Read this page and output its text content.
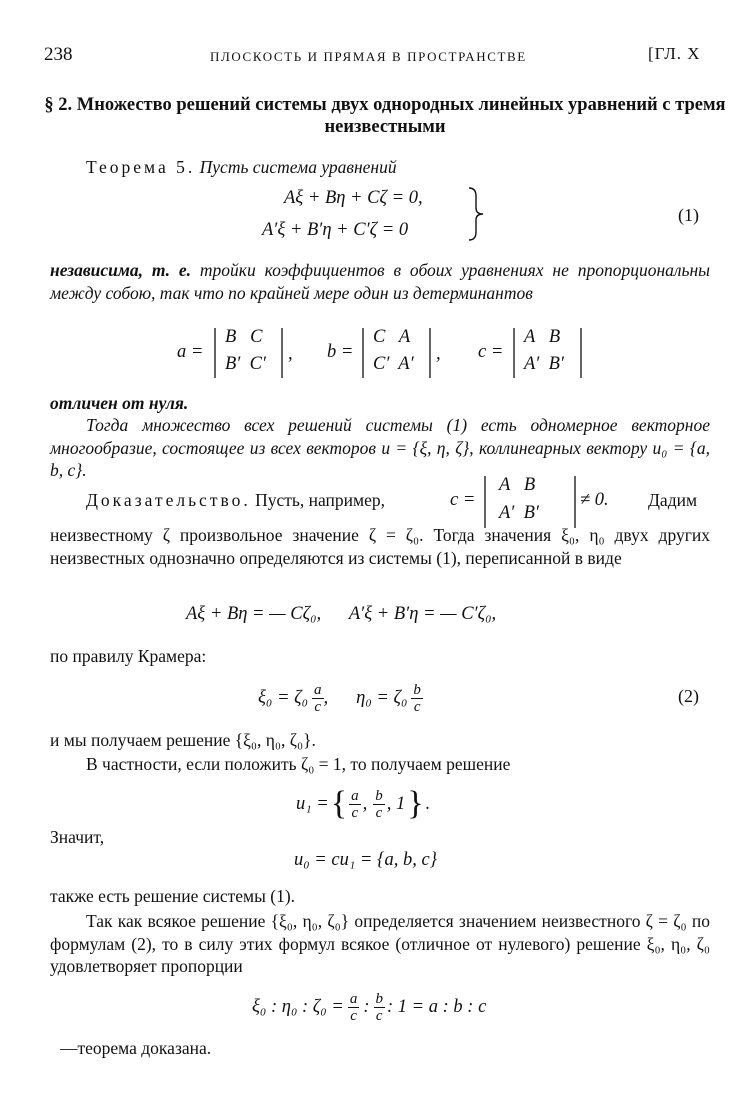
238	ПЛОСКОСТЬ И ПРЯМАЯ В ПРОСТРАНСТВЕ	[ГЛ. X
§ 2. Множество решений системы двух однородных линейных уравнений с тремя неизвестными
Теорема 5. Пусть система уравнений
Aξ + Bη + Cζ = 0,
A′ξ + B′η + C′ζ = 0
(1)
независима, т. е. тройки коэффициентов в обоих уравнениях не пропорциональны между собою, так что по крайней мере один из детерминантов
a =
B   C
B′  C′ , b =
C   A
C′  A′ , c =
A   B
A′  B′
отличен от нуля.
Тогда множество всех решений системы (1) есть одномерное векторное многообразие, состоящее из всех векторов u = {ξ, η, ζ}, коллинеарных вектору u₀ = {a, b, c}.
Доказательство. Пусть, например,	c =
A   B
A′  B′
≠ 0. Дадим
неизвестному ζ произвольное значение ζ = ζ₀. Тогда значения ξ₀, η₀ двух других неизвестных однозначно определяются из системы (1), переписанной в виде
Aξ + Bη = — Cζ₀,      A′ξ + B′η = — C′ζ₀,
по правилу Крамера:
$\xi_0 = \zeta_0 \frac{a}{c}$ , $\eta_0 = \zeta_0 \frac{b}{c}$	(2)
и мы получаем решение {ξ₀, η₀, ζ₀}.
В частности, если положить ζ₀ = 1, то получаем решение
u₁ = { $\frac{a}{c}$ , $\frac{b}{c}$ , 1 } .
Значит,
u₀ = cu₁ = {a, b, c}
также есть решение системы (1).
Так как всякое решение {ξ₀, η₀, ζ₀} определяется значением неизвестного ζ = ζ₀ по формулам (2), то в силу этих формул всякое (отличное от нулевого) решение ξ₀, η₀, ζ₀ удовлетворяет пропорции
ξ₀ : η₀ : $\zeta_0 = \frac{a}{c}$ : $\frac{b}{c}$ : 1 = a : b : c
—теорема доказана.
